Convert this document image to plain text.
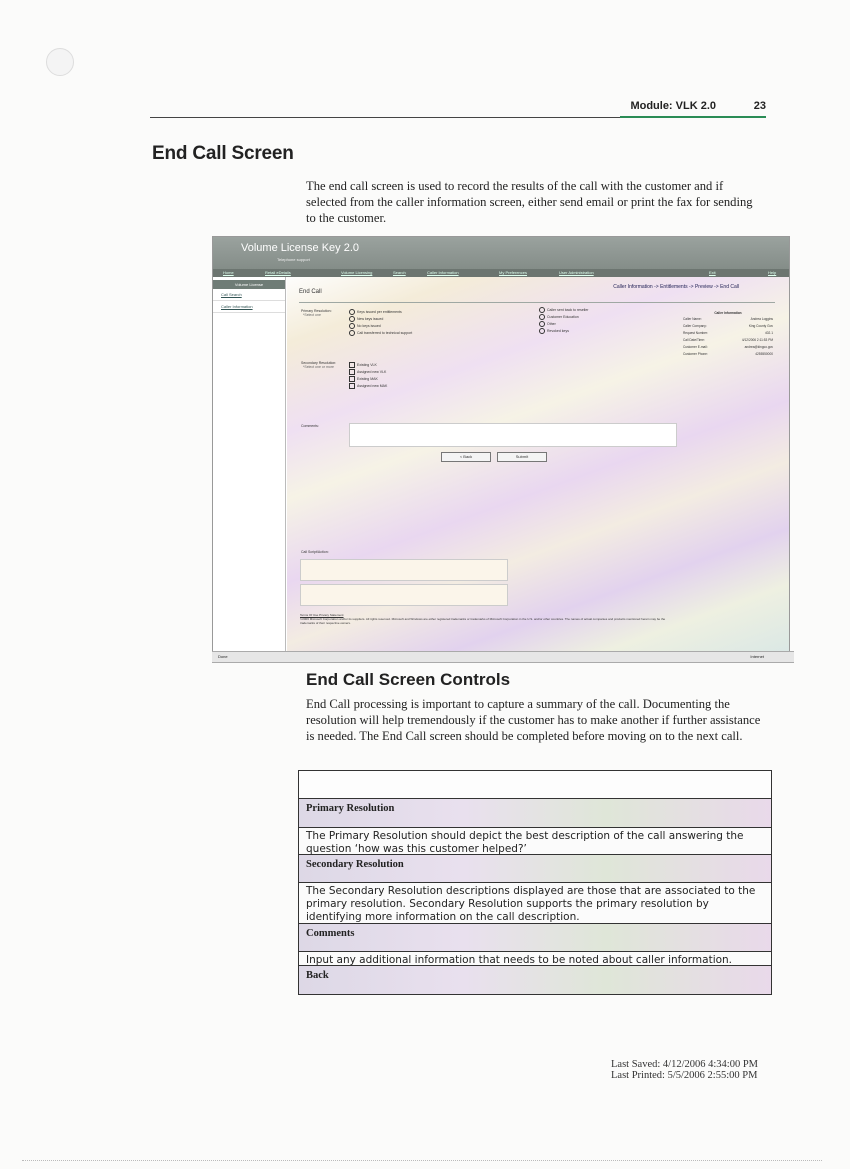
Module: VLK 2.0	23
End Call Screen

The end call screen is used to record the results of the call with the customer and if selected from the caller information screen, either send email or print the fax for sending to the customer.

Volume License Key 2.0
Telephone support
Home	Retail eDetails	Volume Licensing	Search	Caller Information	My Preferences	User Administration	Exit	Help
Volume License
Call Search
Caller Information
End Call
Caller Information -> Entitlements -> Preview -> End Call
Primary Resolution:
*Select one
Keys issued per entitlements
New keys issued
No keys issued
Call transferred to technical support
Caller sent back to reseller
Customer Education
Other
Revoked keys
Secondary Resolution:
*Select one or more
Existing VLK
Assigned new VLK
Existing MAK
Assigned new MAK
Caller Information
Caller Name:	Andrea Loggins
Caller Company:	King County Gov
Request Number:	402.1
Call Date/Time:	4/12/2006 2:11:53 PM
Customer E-mail:	andrea@kingco.gov
Customer Phone:	4255550000
Comments:
< Back	Submit
Call Script/Action:
Terms Of Use Privacy Statement
©2006 Microsoft Corporation and/or its suppliers. All rights reserved. Microsoft and Windows are either registered trademarks or trademarks of Microsoft Corporation in the U.S. and/or other countries. The names of actual companies and products mentioned herein may be the trademarks of their respective owners.
Done	Internet
End Call Screen Controls

End Call processing is important to capture a summary of the call. Documenting the resolution will help tremendously if the customer has to make another if further assistance is needed. The End Call screen should be completed before moving on to the next call.

Primary Resolution
The Primary Resolution should depict the best description of the call answering the question ‘how was this customer helped?’
Secondary Resolution
The Secondary Resolution descriptions displayed are those that are associated to the primary resolution. Secondary Resolution supports the primary resolution by identifying more information on the call description.
Comments
Input any additional information that needs to be noted about caller information.
Back
Last Saved: 4/12/2006 4:34:00 PM
Last Printed: 5/5/2006 2:55:00 PM
